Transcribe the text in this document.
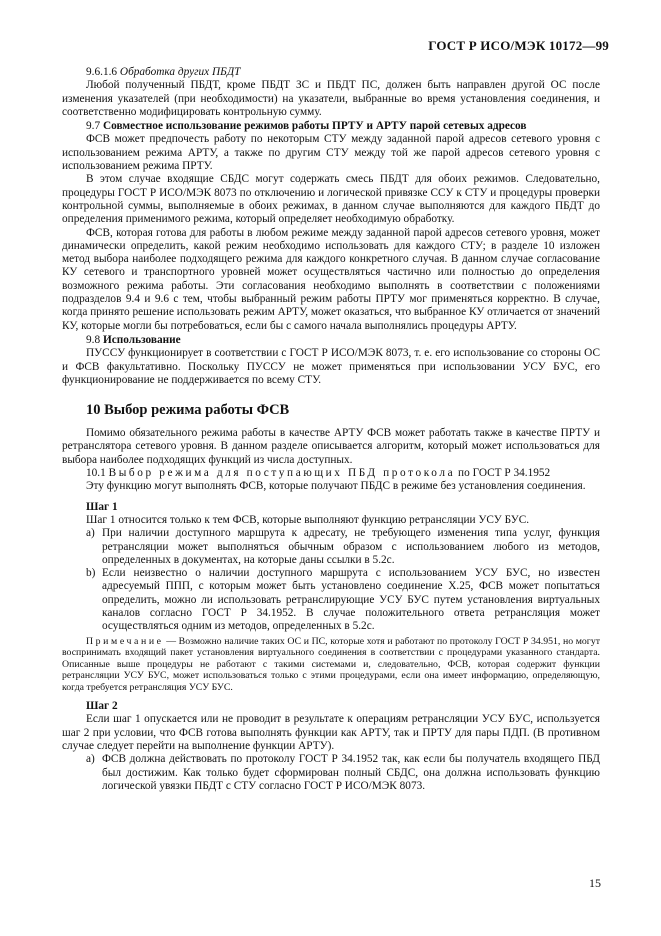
ГОСТ Р ИСО/МЭК 10172—99

9.6.1.6 Обработка других ПБДТ

Любой полученный ПБДТ, кроме ПБДТ ЗС и ПБДТ ПС, должен быть направлен другой ОС после изменения указателей (при необходимости) на указатели, выбранные во время установления соединения, и соответственно модифицировать контрольную сумму.

9.7 Совместное использование режимов работы ПРТУ и АРТУ парой сетевых адресов

ФСВ может предпочесть работу по некоторым СТУ между заданной парой адресов сетевого уровня с использованием режима АРТУ, а также по другим СТУ между той же парой адресов сетевого уровня с использованием режима ПРТУ.

В этом случае входящие СБДС могут содержать смесь ПБДТ для обоих режимов. Следовательно, процедуры ГОСТ Р ИСО/МЭК 8073 по отключению и логической привязке ССУ к СТУ и процедуры проверки контрольной суммы, выполняемые в обоих режимах, в данном случае выполняются для каждого ПБДТ до определения применимого режима, который определяет необходимую обработку.

ФСВ, которая готова для работы в любом режиме между заданной парой адресов сетевого уровня, может динамически определить, какой режим необходимо использовать для каждого СТУ; в разделе 10 изложен метод выбора наиболее подходящего режима для каждого конкретного случая. В данном случае согласование КУ сетевого и транспортного уровней может осуществляться частично или полностью до определения возможного режима работы. Эти согласования необходимо выполнять в соответствии с положениями подразделов 9.4 и 9.6 с тем, чтобы выбранный режим работы ПРТУ мог применяться корректно. В случае, когда принято решение использовать режим АРТУ, может оказаться, что выбранное КУ отличается от значений КУ, которые могли бы потребоваться, если бы с самого начала выполнялись процедуры АРТУ.

9.8 Использование

ПУССУ функционирует в соответствии с ГОСТ Р ИСО/МЭК 8073, т. е. его использование со стороны ОС и ФСВ факультативно. Поскольку ПУССУ не может применяться при использовании УСУ БУС, его функционирование не поддерживается по всему СТУ.

10 Выбор режима работы ФСВ

Помимо обязательного режима работы в качестве АРТУ ФСВ может работать также в качестве ПРТУ и ретранслятора сетевого уровня. В данном разделе описывается алгоритм, который может использоваться для выбора наиболее подходящих функций из числа доступных.

10.1 Выбор режима для поступающих ПБД протокола по ГОСТ Р 34.1952

Эту функцию могут выполнять ФСВ, которые получают ПБДС в режиме без установления соединения.

Шаг 1

Шаг 1 относится только к тем ФСВ, которые выполняют функцию ретрансляции УСУ БУС.

a) При наличии доступного маршрута к адресату, не требующего изменения типа услуг, функция ретрансляции может выполняться обычным образом с использованием любого из методов, определенных в документах, на которые даны ссылки в 5.2с.
b) Если неизвестно о наличии доступного маршрута с использованием УСУ БУС, но известен адресуемый ППП, с которым может быть установлено соединение Х.25, ФСВ может попытаться определить, можно ли использовать ретранслирующие УСУ БУС путем установления виртуальных каналов согласно ГОСТ Р 34.1952. В случае положительного ответа ретрансляция может осуществляться одним из методов, определенных в 5.2с.

Примечание — Возможно наличие таких ОС и ПС, которые хотя и работают по протоколу ГОСТ Р 34.951, но могут воспринимать входящий пакет установления виртуального соединения в соответствии с процедурами указанного стандарта. Описанные выше процедуры не работают с такими системами и, следовательно, ФСВ, которая содержит функции ретрансляции УСУ БУС, может использоваться только с этими процедурами, если она имеет информацию, определяющую, когда требуется ретрансляция УСУ БУС.

Шаг 2

Если шаг 1 опускается или не проводит в результате к операциям ретрансляции УСУ БУС, используется шаг 2 при условии, что ФСВ готова выполнять функции как АРТУ, так и ПРТУ для пары ПДП. (В противном случае следует перейти на выполнение функции АРТУ).

a) ФСВ должна действовать по протоколу ГОСТ Р 34.1952 так, как если бы получатель входящего ПБД был достижим. Как только будет сформирован полный СБДС, она должна использовать функцию логической увязки ПБДТ с СТУ согласно ГОСТ Р ИСО/МЭК 8073.
15
